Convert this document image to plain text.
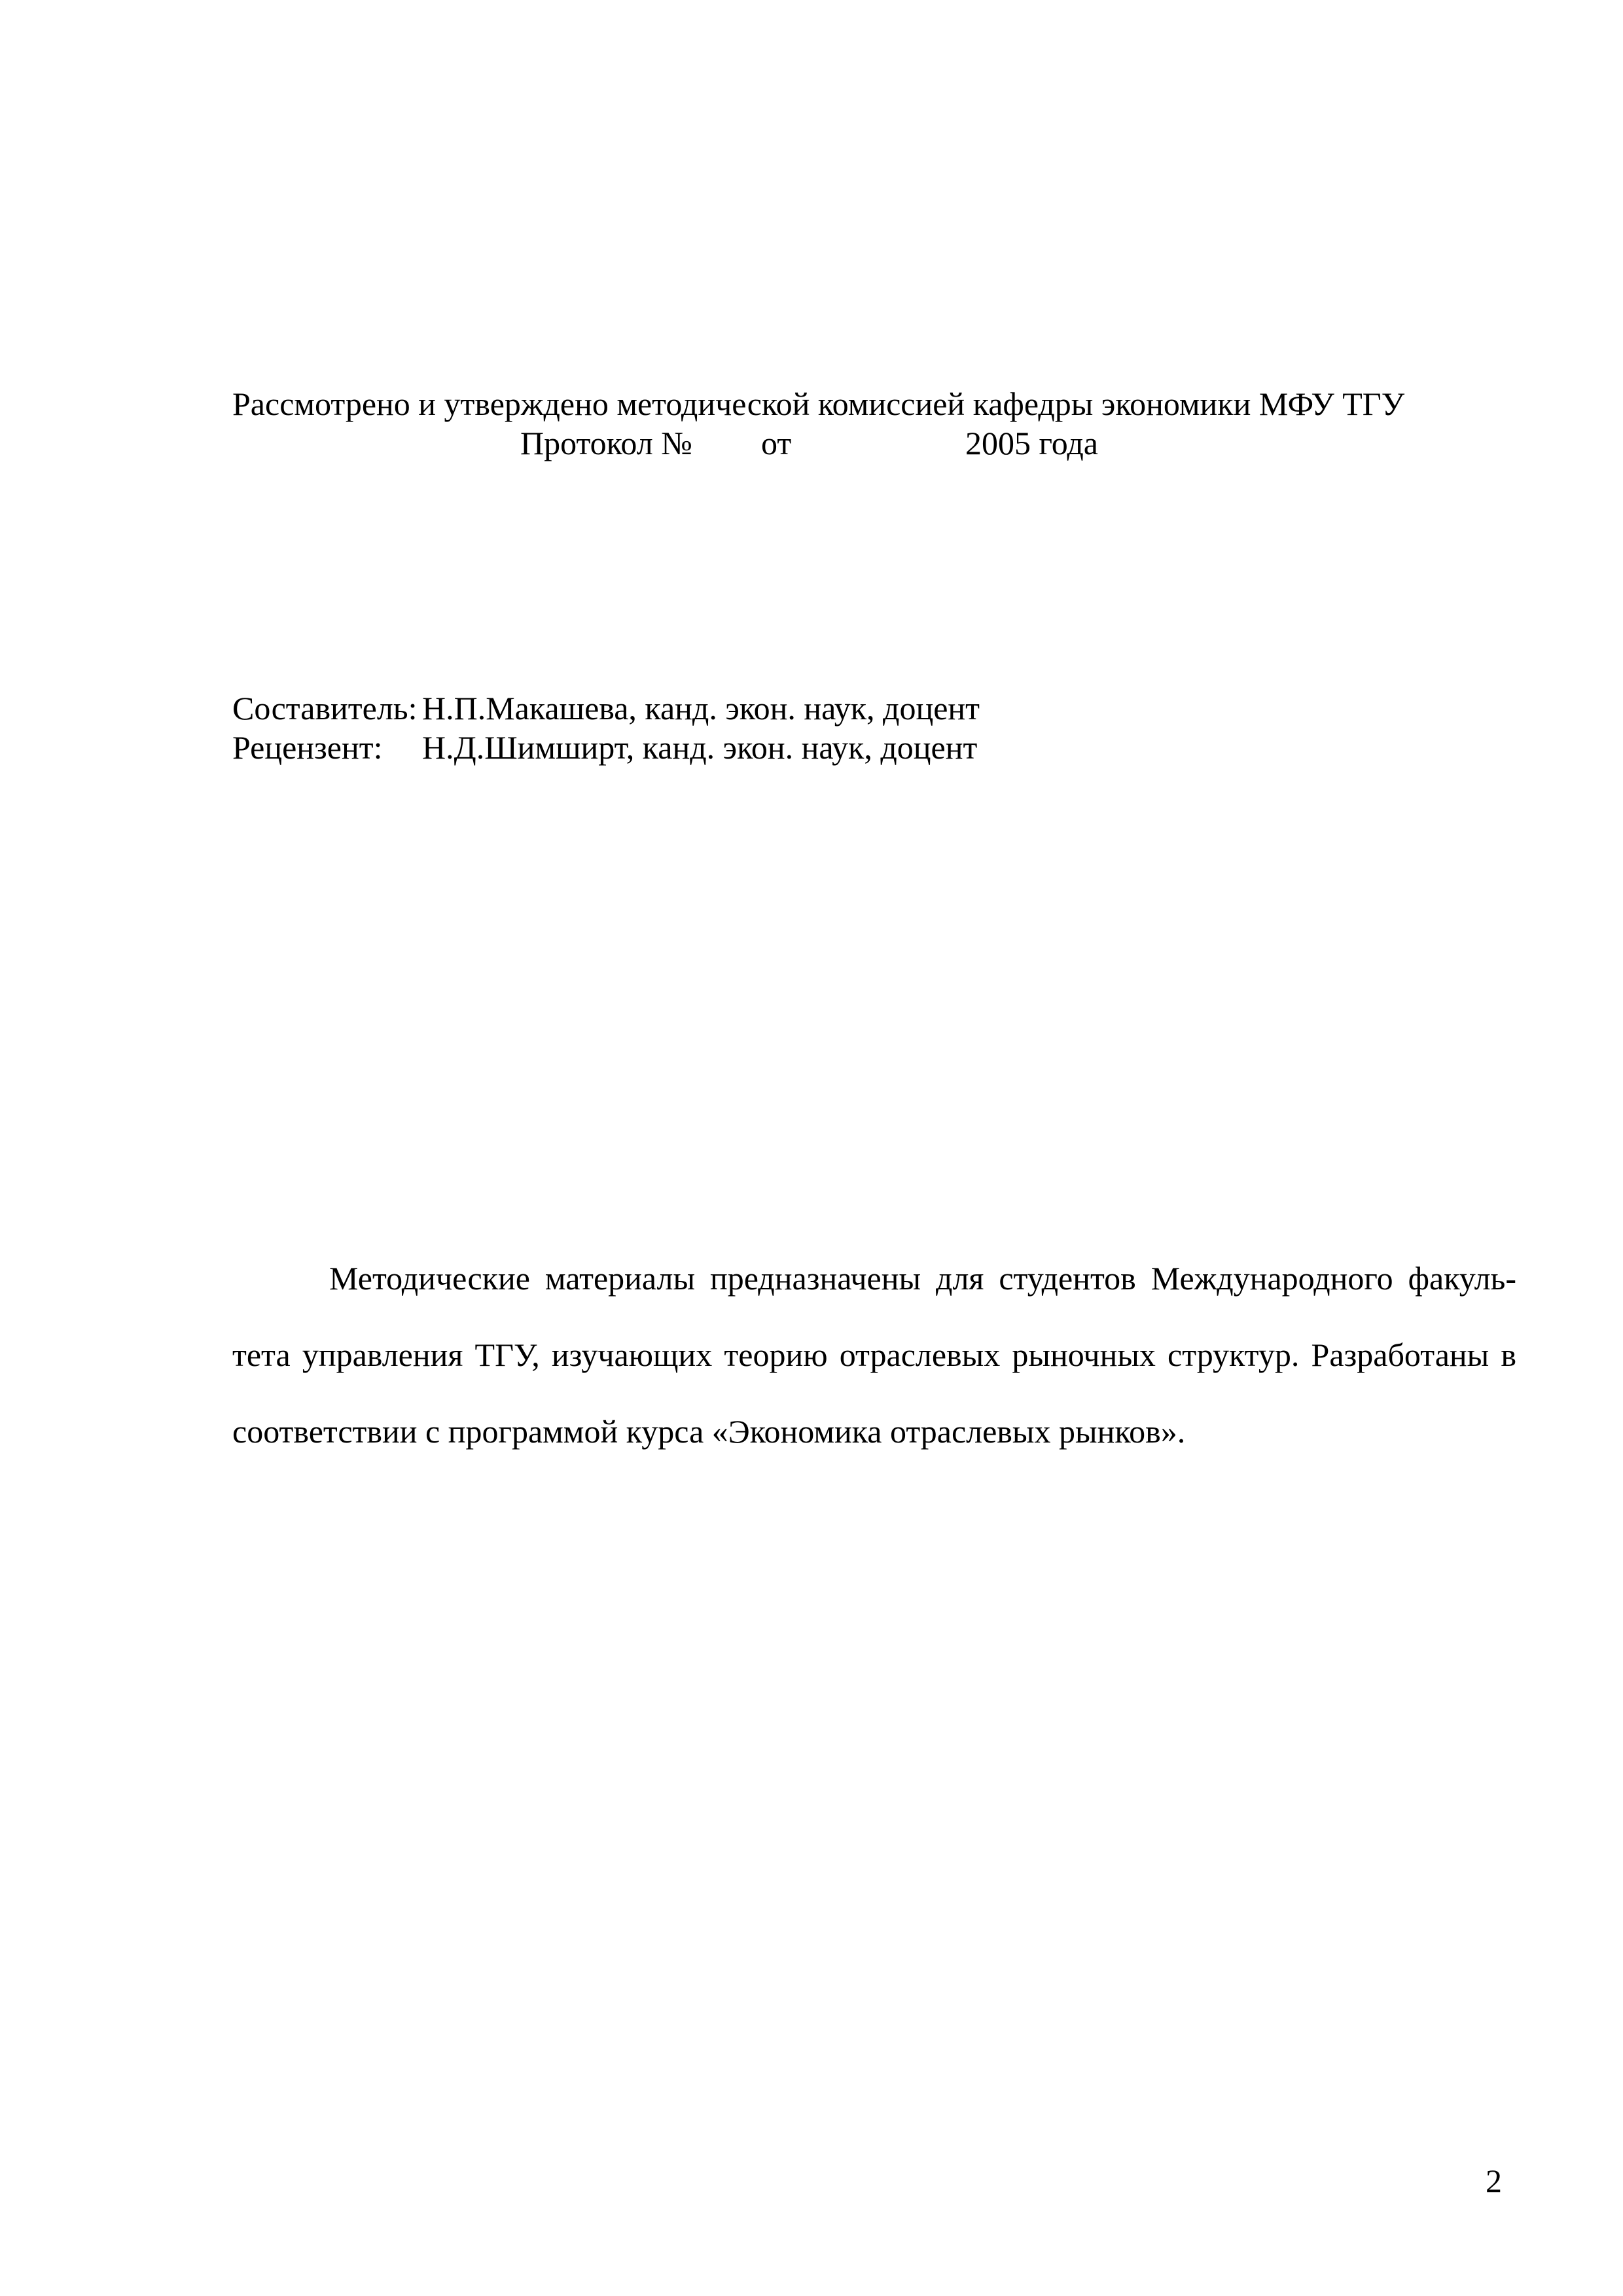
Рассмотрено и утверждено методической комиссией кафедры экономики МФУ ТГУ
Протокол № от	2005 года
Составитель: Н.П.Макашева, канд. экон. наук, доцент
Рецензент: Н.Д.Шимширт, канд. экон. наук, доцент

Методические материалы предназначены для студентов Международного факультета управления ТГУ, изучающих теорию отраслевых рыночных структур. Разработаны в соответствии с программой курса «Экономика отраслевых рынков».

2
